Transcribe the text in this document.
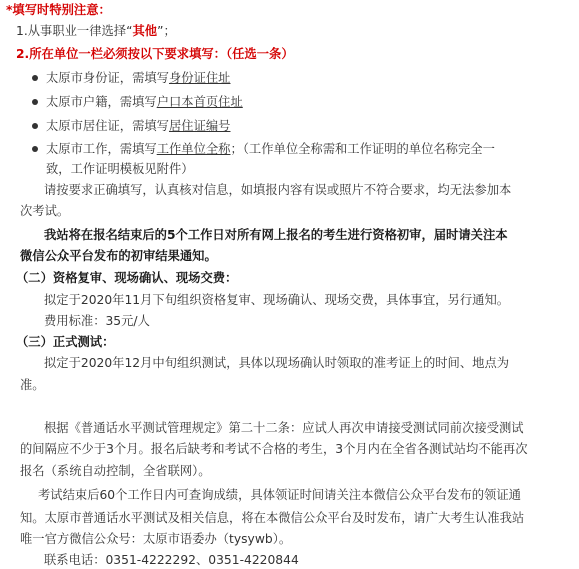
*填写时特别注意：
1.从事职业一律选择“其他”；
2.所在单位一栏必须按以下要求填写：（任选一条）
太原市身份证，需填写身份证住址
太原市户籍，需填写户口本首页住址
太原市居住证，需填写居住证编号
太原市工作，需填写工作单位全称；（工作单位全称需和工作证明的单位名称完全一
致，工作证明模板见附件）
请按要求正确填写，认真核对信息，如填报内容有误或照片不符合要求，均无法参加本
次考试。
我站将在报名结束后的5个工作日对所有网上报名的考生进行资格初审，届时请关注本
微信公众平台发布的初审结果通知。
（二）资格复审、现场确认、现场交费：
拟定于2020年11月下旬组织资格复审、现场确认、现场交费，具体事宜，另行通知。
费用标准：35元/人
（三）正式测试：
拟定于2020年12月中旬组织测试，具体以现场确认时领取的准考证上的时间、地点为
准。
根据《普通话水平测试管理规定》第二十二条：应试人再次申请接受测试同前次接受测试
的间隔应不少于3个月。报名后缺考和考试不合格的考生，3个月内在全省各测试站均不能再次
报名（系统自动控制，全省联网）。
考试结束后60个工作日内可查询成绩，具体领证时间请关注本微信公众平台发布的领证通
知。太原市普通话水平测试及相关信息，将在本微信公众平台及时发布，请广大考生认准我站
唯一官方微信公众号：太原市语委办（tysywb）。
联系电话：0351-4222292、0351-4220844
